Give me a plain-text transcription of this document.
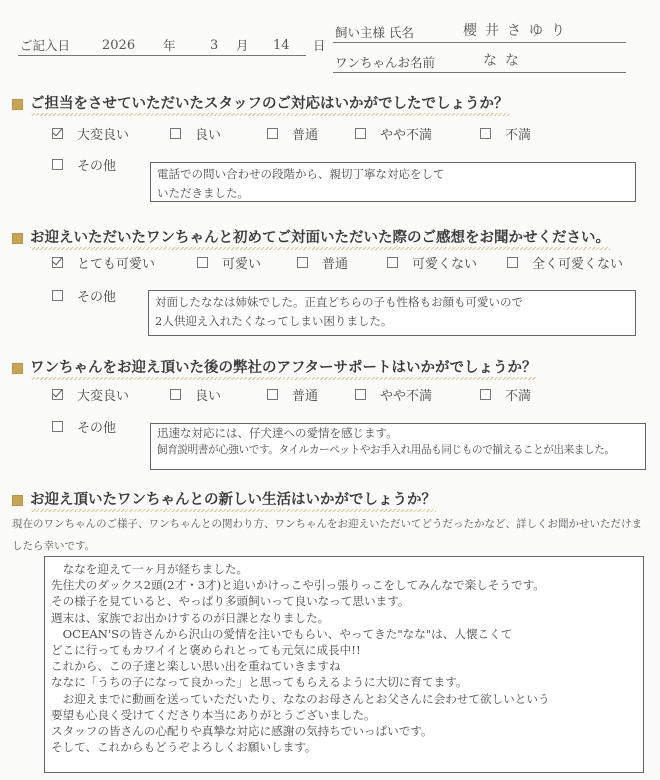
ご記入日 2026 年	3 月 14 日
飼い主様 氏名	櫻井さゆり
ワンちゃんお名前	なな
ご担当をさせていただいたスタッフのご対応はいかがでしたでしょうか？
大変良い	良い	普通	やや不満	不満
その他
電話での問い合わせの段階から、親切丁寧な対応をして
いただきました。
お迎えいただいたワンちゃんと初めてご対面いただいた際のご感想をお聞かせください。
とても可愛い	可愛い	普通	可愛くない	全く可愛くない
その他	対面したななは姉妹でした。正直どちらの子も性格もお顔も可愛いので
2人供迎え入れたくなってしまい困りました。
ワンちゃんをお迎え頂いた後の弊社のアフターサポートはいかがでしょうか？
大変良い	良い	普通	やや不満	不満
その他	迅速な対応には、仔犬達への愛情を感じます。
飼育説明書が心強いです。タイルカーペットやお手入れ用品も同じもので揃えることが出来ました。
お迎え頂いたワンちゃんとの新しい生活はいかがでしょうか？
現在のワンちゃんのご様子、ワンちゃんとの関わり方、ワンちゃんをお迎えいただいてどうだったかなど、詳しくお聞かせいただけましたら幸いです。
　ななを迎えて一ヶ月が経ちました。
先住犬のダックス2頭(2才・3才)と追いかけっこや引っ張りっこをしてみんなで楽しそうです。
その様子を見ていると、やっぱり多頭飼いって良いなって思います。
週末は、家族でお出かけするのが日課となりました。
　OCEAN'Sの皆さんから沢山の愛情を注いでもらい、やってきた"なな"は、人懐こくて
どこに行ってもカワイイと褒められとっても元気に成長中!!
これから、この子達と楽しい思い出を重ねていきますね
ななに「うちの子になって良かった」と思ってもらえるように大切に育てます。
　お迎えまでに動画を送っていただいたり、ななのお母さんとお父さんに会わせて欲しいという
要望も心良く受けてくださり本当にありがとうございました。
スタッフの皆さんの心配りや真摯な対応に感謝の気持ちでいっぱいです。
そして、これからもどうぞよろしくお願いします。
